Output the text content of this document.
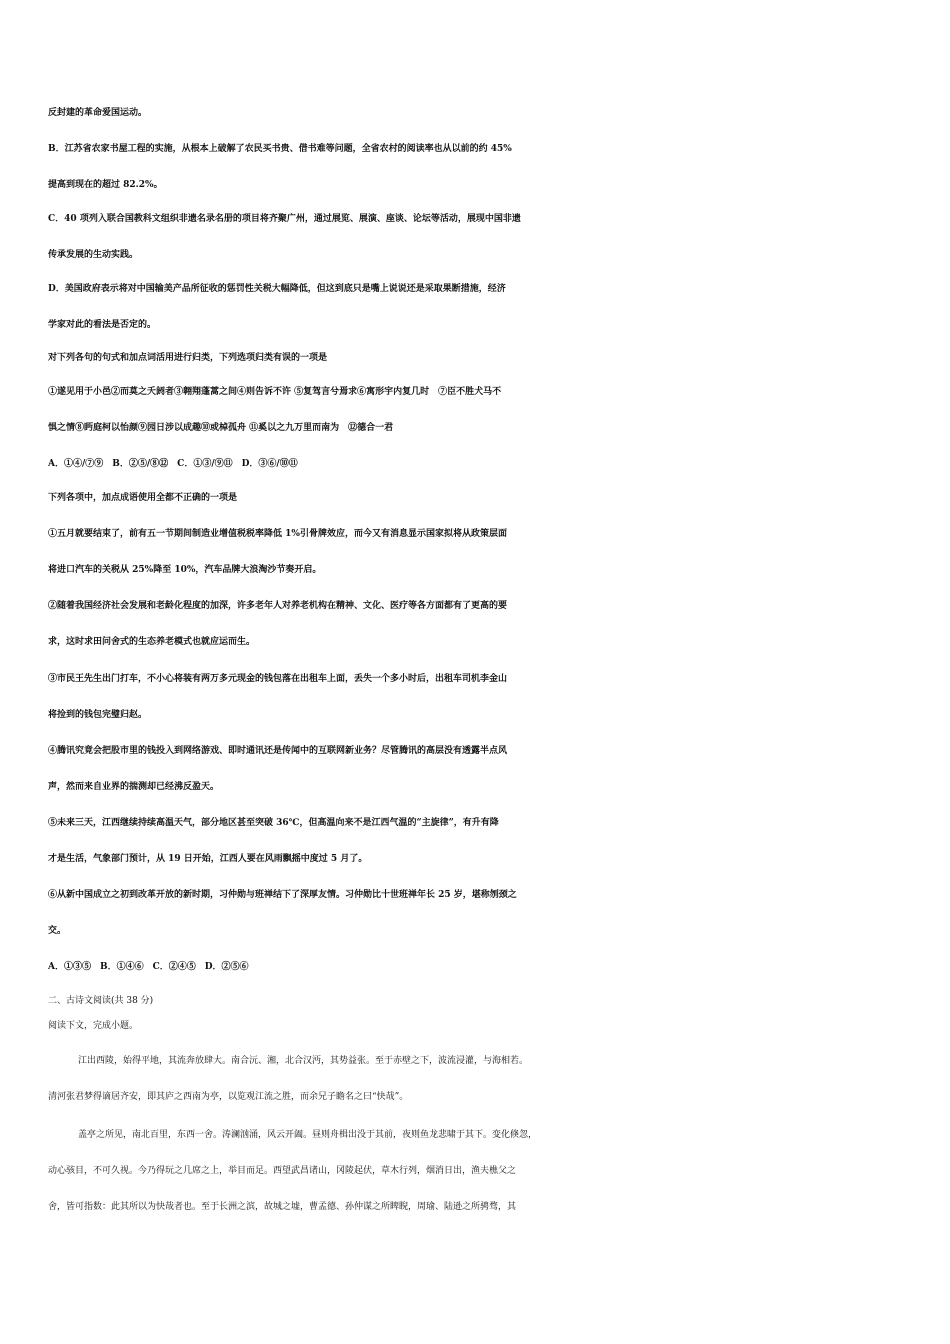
反封建的革命爱国运动。
B．江苏省农家书屋工程的实施，从根本上破解了农民买书贵、借书难等问题，全省农村的阅读率也从以前的约 45%
提高到现在的超过 82.2%。
C．40 项列入联合国教科文组织非遗名录名册的项目将齐聚广州，通过展览、展演、座谈、论坛等活动，展现中国非遗
传承发展的生动实践。
D．美国政府表示将对中国输美产品所征收的惩罚性关税大幅降低，但这到底只是嘴上说说还是采取果断措施，经济
学家对此的看法是否定的。
对下列各句的句式和加点词活用进行归类，下列选项归类有误的一项是
①遂见用于小邑②而莫之夭阏者③翱翔蓬蒿之间④则告诉不许 ⑤复驾言兮焉求⑥寓形宇内复几时　⑦臣不胜犬马不
惧之情⑧眄庭柯以怡颜⑨园日涉以成趣⑩或棹孤舟 ⑪奚以之九万里而南为　⑫德合一君
A．①④/⑦⑨　B．②⑤/⑧⑫　C．①③/⑨⑪　D．③⑥/⑩⑪
下列各项中，加点成语使用全都不正确的一项是
①五月就要结束了，前有五一节期间制造业增值税税率降低 1%引骨牌效应，而今又有消息显示国家拟将从政策层面
将进口汽车的关税从 25%降至 10%，汽车品牌大浪淘沙节奏开启。
②随着我国经济社会发展和老龄化程度的加深，许多老年人对养老机构在精神、文化、医疗等各方面都有了更高的要
求，这时求田问舍式的生态养老模式也就应运而生。
③市民王先生出门打车，不小心将装有两万多元现金的钱包落在出租车上面，丢失一个多小时后，出租车司机李金山
将捡到的钱包完璧归赵。
④腾讯究竟会把股市里的钱投入到网络游戏、即时通讯还是传闻中的互联网新业务？尽管腾讯的高层没有透露半点风
声，然而来自业界的揣测却已经沸反盈天。
⑤未来三天，江西继续持续高温天气，部分地区甚至突破 36℃，但高温向来不是江西气温的“主旋律”，有升有降
才是生活，气象部门预计，从 19 日开始，江西人要在风雨飘摇中度过 5 月了。
⑥从新中国成立之初到改革开放的新时期，习仲勋与班禅结下了深厚友情。习仲勋比十世班禅年长 25 岁，堪称刎颈之
交。
A．①③⑤　B．①④⑥　C．②④⑤　D．②⑤⑥
二、古诗文阅读(共 38 分)
阅读下文，完成小题。
江出西陵，始得平地，其流奔放肆大。南合沅、湘，北合汉沔，其势益张。至于赤壁之下，波流浸灌，与海相若。
清河张君梦得谪居齐安，即其庐之西南为亭，以览观江流之胜，而余兄子瞻名之曰“快哉”。
盖亭之所见，南北百里，东西一舍。涛澜汹涌，风云开阖。昼则舟楫出没于其前，夜则鱼龙悲啸于其下。变化倏忽，
动心骇目，不可久视。今乃得玩之几席之上，举目而足。西望武昌诸山，冈陵起伏，草木行列，烟消日出，渔夫樵父之
舍，皆可指数：此其所以为快哉者也。至于长洲之滨，故城之墟，曹孟德、孙仲谋之所睥睨，周瑜、陆逊之所骋骛，其
